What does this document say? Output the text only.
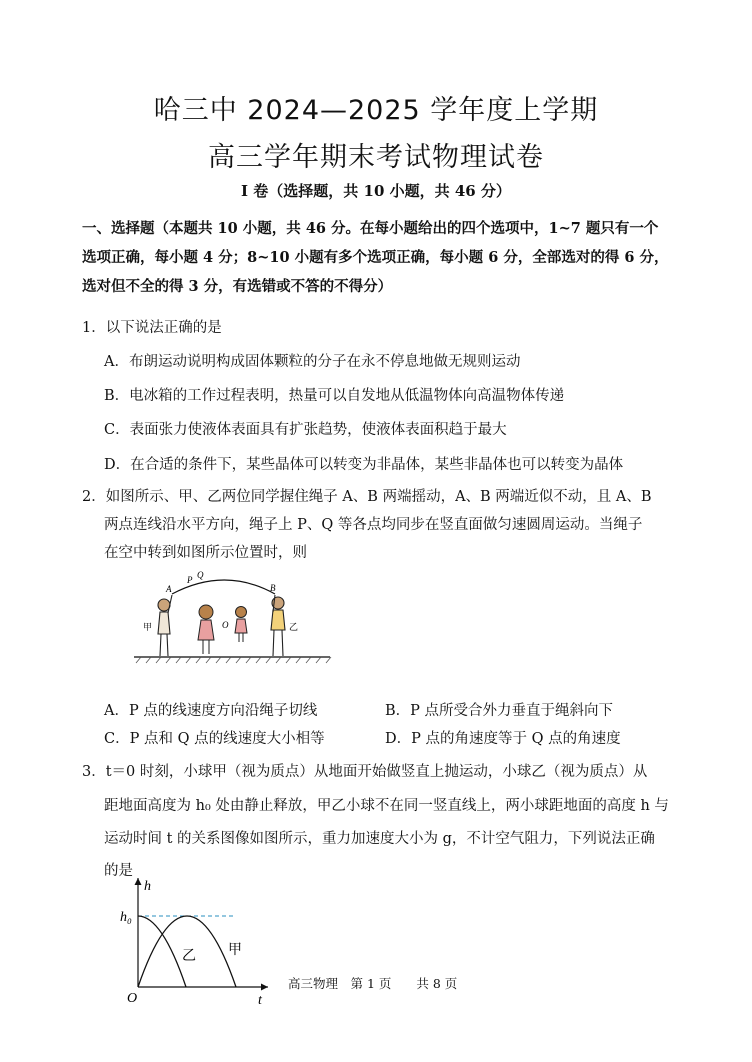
哈三中 2024—2025 学年度上学期
高三学年期末考试物理试卷
I 卷（选择题，共 10 小题，共 46 分）
一、选择题（本题共 10 小题，共 46 分。在每小题给出的四个选项中，1~7 题只有一个选项正确，每小题 4 分；8~10 小题有多个选项正确，每小题 6 分，全部选对的得 6 分，选对但不全的得 3 分，有选错或不答的不得分）
1．以下说法正确的是
A．布朗运动说明构成固体颗粒的分子在永不停息地做无规则运动
B．电冰箱的工作过程表明，热量可以自发地从低温物体向高温物体传递
C．表面张力使液体表面具有扩张趋势，使液体表面积趋于最大
D．在合适的条件下，某些晶体可以转变为非晶体，某些非晶体也可以转变为晶体
2．如图所示、甲、乙两位同学握住绳子 A、B 两端摇动，A、B 两端近似不动，且 A、B
两点连线沿水平方向，绳子上 P、Q 等各点均同步在竖直面做匀速圆周运动。当绳子
在空中转到如图所示位置时，则
A
P Q
B
O
甲	乙
A．P 点的线速度方向沿绳子切线	B．P 点所受合外力垂直于绳斜向下
C．P 点和 Q 点的线速度大小相等	D．P 点的角速度等于 Q 点的角速度
3．t＝0 时刻，小球甲（视为质点）从地面开始做竖直上抛运动，小球乙（视为质点）从
距地面高度为 h₀ 处由静止释放，甲乙小球不在同一竖直线上，两小球距地面的高度 h 与
运动时间 t 的关系图像如图所示，重力加速度大小为 g，不计空气阻力，下列说法正确
的是
h
h₀
O	t
乙 甲
高三物理　第 1 页　　共 8 页
